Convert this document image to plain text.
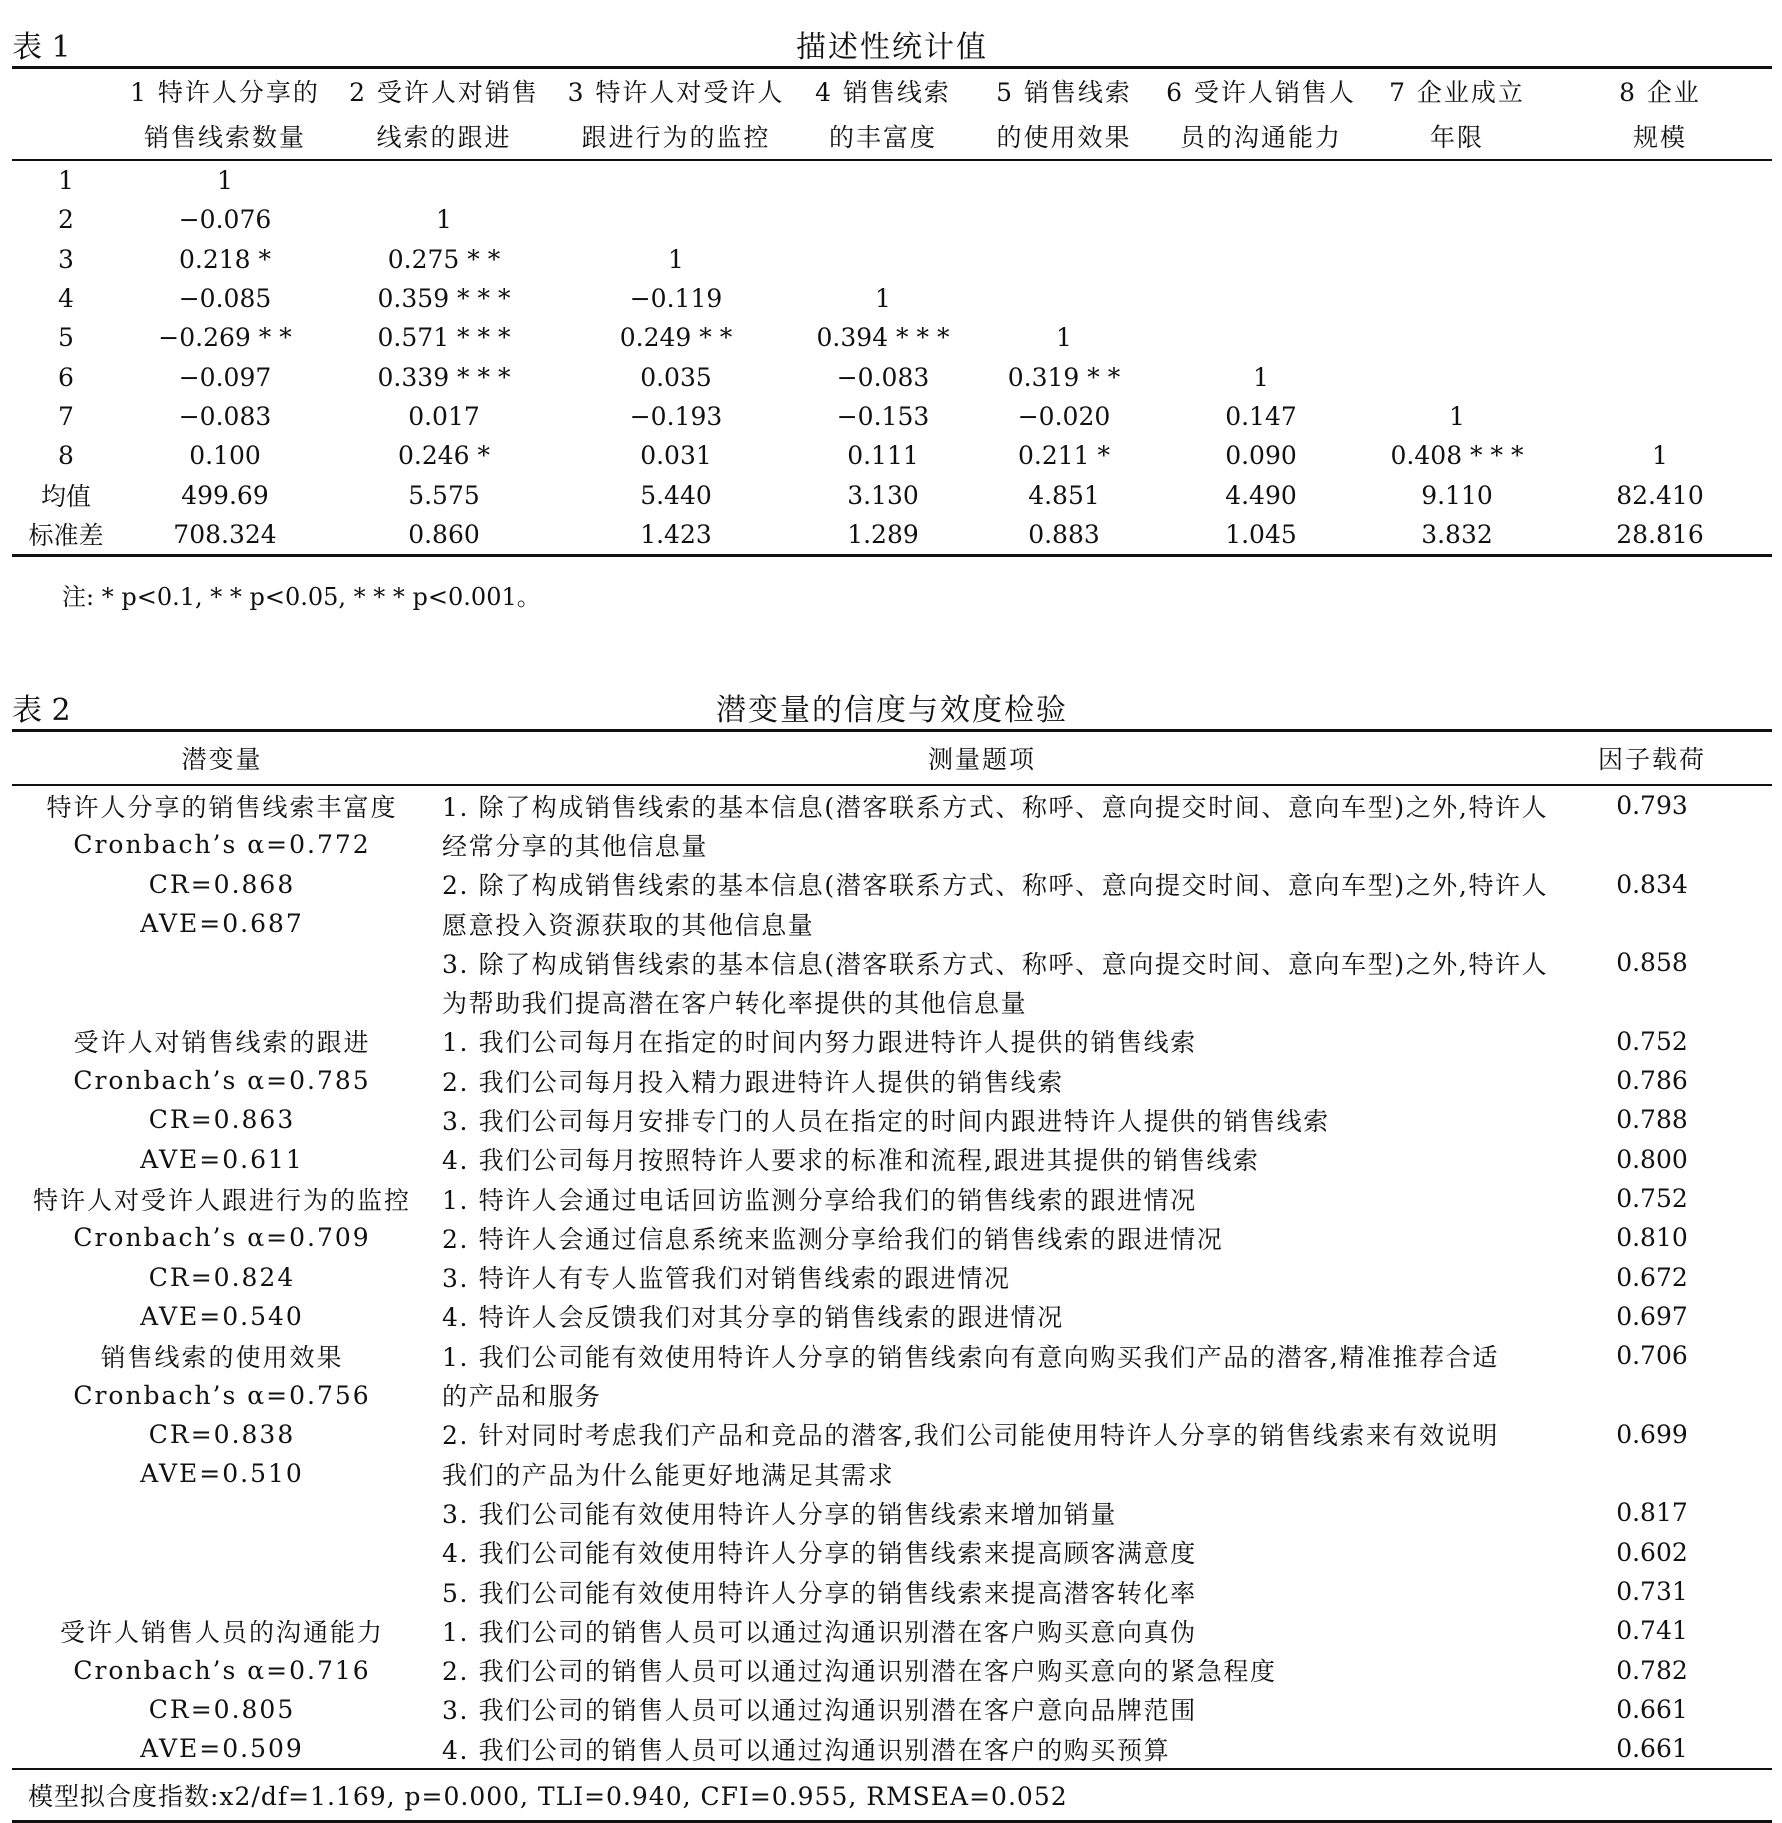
表 1	描述性统计值
	1 特许人分享的	2 受许人对销售	3 特许人对受许人	4 销售线索	5 销售线索	6 受许人销售人	7 企业成立	8 企业
	销售线索数量	线索的跟进	跟进行为的监控	的丰富度	的使用效果	员的沟通能力	年限	规模
1	1							
2	−0.076	1						
3	0.218 *	0.275 * *	1					
4	−0.085	0.359 * * *	−0.119	1				
5	−0.269 * *	0.571 * * *	0.249 * *	0.394 * * *	1			
6	−0.097	0.339 * * *	0.035	−0.083	0.319 * *	1		
7	−0.083	0.017	−0.193	−0.153	−0.020	0.147	1	
8	0.100	0.246 *	0.031	0.111	0.211 *	0.090	0.408 * * *	1
均值	499.69	5.575	5.440	3.130	4.851	4.490	9.110	82.410
标准差	708.324	0.860	1.423	1.289	0.883	1.045	3.832	28.816
注: * p<0.1, * * p<0.05, * * * p<0.001。
表 2	潜变量的信度与效度检验
潜变量	测量题项	因子载荷
特许人分享的销售线索丰富度	1. 除了构成销售线索的基本信息(潜客联系方式、称呼、意向提交时间、意向车型)之外,特许人	0.793
Cronbach’s α=0.772	经常分享的其他信息量	
CR=0.868	2. 除了构成销售线索的基本信息(潜客联系方式、称呼、意向提交时间、意向车型)之外,特许人	0.834
AVE=0.687	愿意投入资源获取的其他信息量	
	3. 除了构成销售线索的基本信息(潜客联系方式、称呼、意向提交时间、意向车型)之外,特许人	0.858
	为帮助我们提高潜在客户转化率提供的其他信息量	
受许人对销售线索的跟进	1. 我们公司每月在指定的时间内努力跟进特许人提供的销售线索	0.752
Cronbach’s α=0.785	2. 我们公司每月投入精力跟进特许人提供的销售线索	0.786
CR=0.863	3. 我们公司每月安排专门的人员在指定的时间内跟进特许人提供的销售线索	0.788
AVE=0.611	4. 我们公司每月按照特许人要求的标准和流程,跟进其提供的销售线索	0.800
特许人对受许人跟进行为的监控	1. 特许人会通过电话回访监测分享给我们的销售线索的跟进情况	0.752
Cronbach’s α=0.709	2. 特许人会通过信息系统来监测分享给我们的销售线索的跟进情况	0.810
CR=0.824	3. 特许人有专人监管我们对销售线索的跟进情况	0.672
AVE=0.540	4. 特许人会反馈我们对其分享的销售线索的跟进情况	0.697
销售线索的使用效果	1. 我们公司能有效使用特许人分享的销售线索向有意向购买我们产品的潜客,精准推荐合适	0.706
Cronbach’s α=0.756	的产品和服务	
CR=0.838	2. 针对同时考虑我们产品和竞品的潜客,我们公司能使用特许人分享的销售线索来有效说明	0.699
AVE=0.510	我们的产品为什么能更好地满足其需求	
	3. 我们公司能有效使用特许人分享的销售线索来增加销量	0.817
	4. 我们公司能有效使用特许人分享的销售线索来提高顾客满意度	0.602
	5. 我们公司能有效使用特许人分享的销售线索来提高潜客转化率	0.731
受许人销售人员的沟通能力	1. 我们公司的销售人员可以通过沟通识别潜在客户购买意向真伪	0.741
Cronbach’s α=0.716	2. 我们公司的销售人员可以通过沟通识别潜在客户购买意向的紧急程度	0.782
CR=0.805	3. 我们公司的销售人员可以通过沟通识别潜在客户意向品牌范围	0.661
AVE=0.509	4. 我们公司的销售人员可以通过沟通识别潜在客户的购买预算	0.661
模型拟合度指数:x2/df=1.169, p=0.000, TLI=0.940, CFI=0.955, RMSEA=0.052		
